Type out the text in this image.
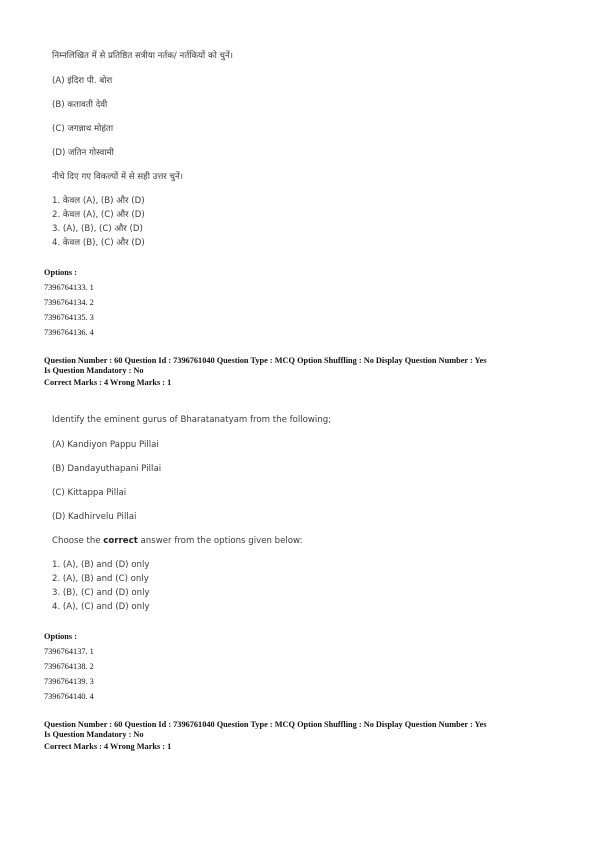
निम्नलिखित में से प्रतिष्ठित सत्रीया नर्तक/ नर्तकियों को चुनें।
(A) इंदिरा पी. बोरा
(B) कतावती देवी
(C) जगन्नाथ मोहंता
(D) जतिन गोस्वामी
नीचे दिए गए विकल्पों में से सही उत्तर चुनें।
1. केवल (A), (B) और (D)
2. केवल (A), (C) और (D)
3. (A), (B), (C) और (D)
4. केवल (B), (C) और (D)
Options :
7396764133. 1
7396764134. 2
7396764135. 3
7396764136. 4
Question Number : 60 Question Id : 7396761040 Question Type : MCQ Option Shuffling : No Display Question Number : Yes
Is Question Mandatory : No
Correct Marks : 4 Wrong Marks : 1
Identify the eminent gurus of Bharatanatyam from the following;
(A) Kandiyon Pappu Pillai
(B) Dandayuthapani Pillai
(C) Kittappa Pillai
(D) Kadhirvelu Pillai
Choose the correct answer from the options given below:
1. (A), (B) and (D) only
2. (A), (B) and (C) only
3. (B), (C) and (D) only
4. (A), (C) and (D) only
Options :
7396764137. 1
7396764138. 2
7396764139. 3
7396764140. 4
Question Number : 60 Question Id : 7396761040 Question Type : MCQ Option Shuffling : No Display Question Number : Yes
Is Question Mandatory : No
Correct Marks : 4 Wrong Marks : 1
